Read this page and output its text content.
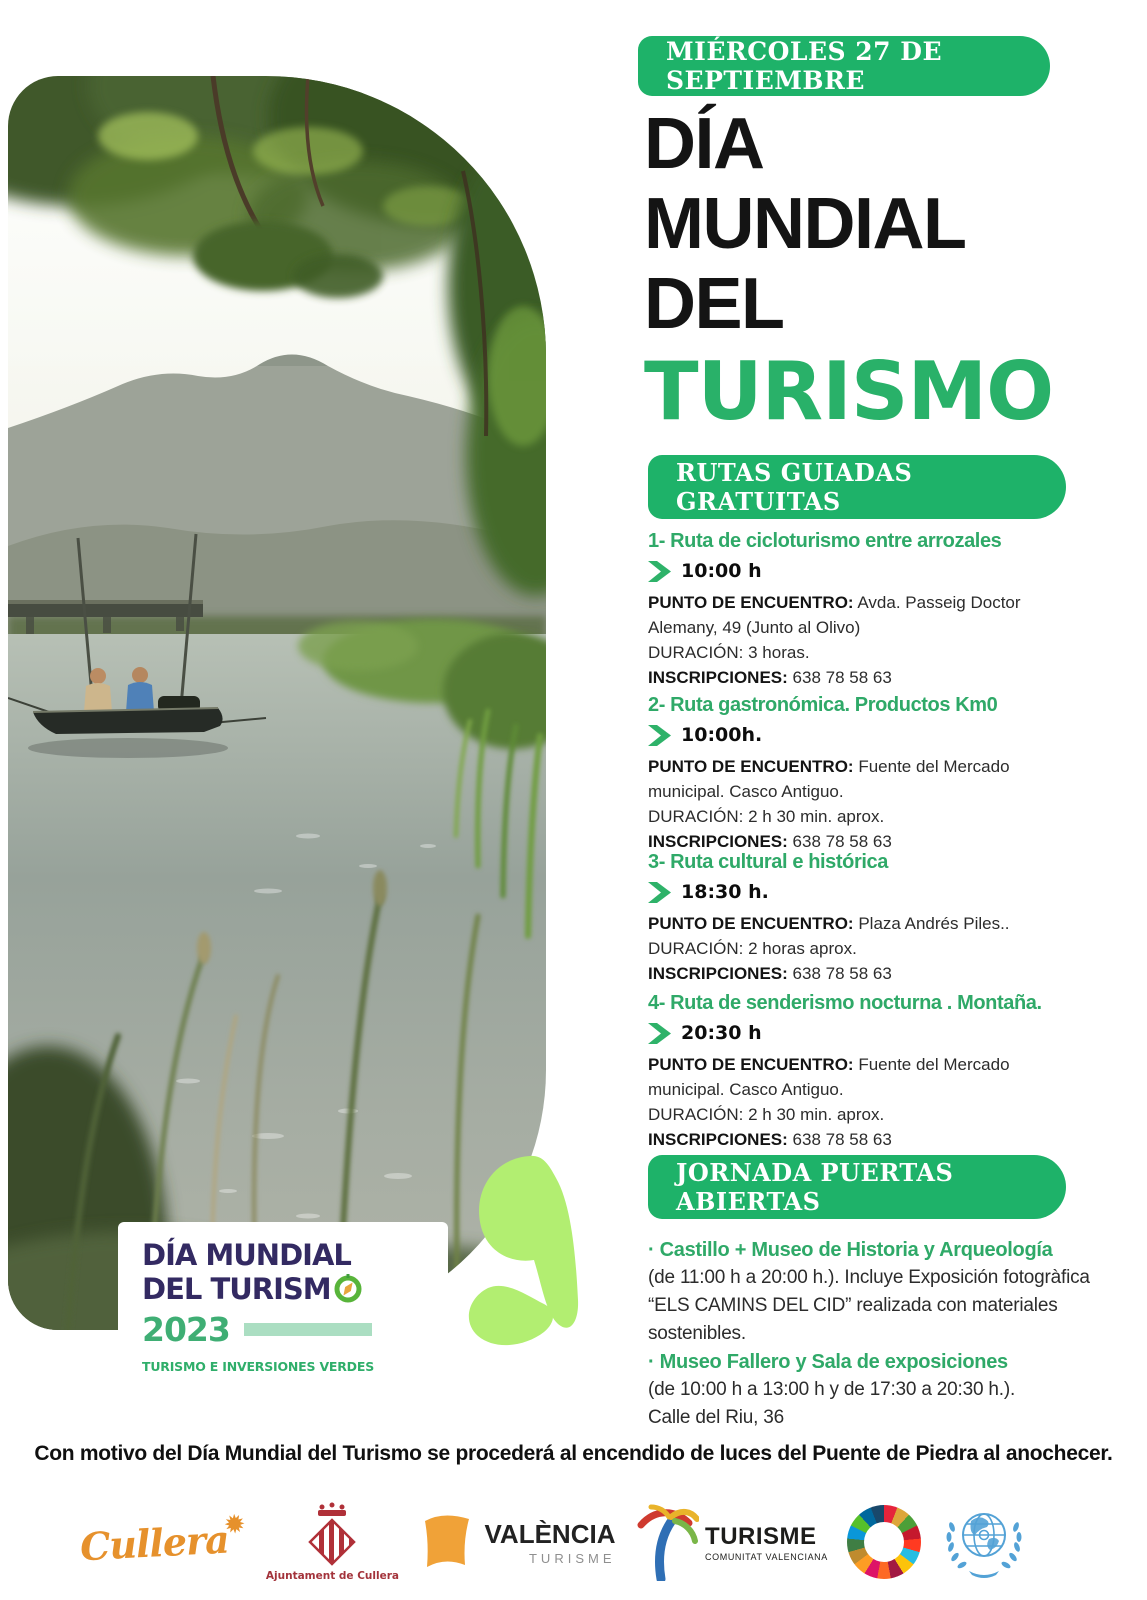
DÍA MUNDIAL
DEL TURISM
2023
TURISMO E INVERSIONES VERDES
MIÉRCOLES 27 DE SEPTIEMBRE
DÍA
MUNDIAL
DEL
TURISMO
RUTAS GUIADAS GRATUITAS
1- Ruta de cicloturismo entre arrozales
10:00 h

PUNTO DE ENCUENTRO: Avda. Passeig Doctor Alemany, 49 (Junto al Olivo)
DURACIÓN: 3 horas.
INSCRIPCIONES: 638 78 58 63

2- Ruta gastronómica. Productos Km0
10:00h.

PUNTO DE ENCUENTRO: Fuente del Mercado municipal. Casco Antiguo.
DURACIÓN: 2 h 30 min. aprox.
INSCRIPCIONES: 638 78 58 63

3- Ruta cultural e histórica
18:30 h.

PUNTO DE ENCUENTRO: Plaza Andrés Piles..
DURACIÓN: 2 horas aprox.
INSCRIPCIONES: 638 78 58 63

4- Ruta de senderismo nocturna . Montaña.
20:30 h

PUNTO DE ENCUENTRO: Fuente del Mercado municipal. Casco Antiguo.
DURACIÓN: 2 h 30 min. aprox.
INSCRIPCIONES: 638 78 58 63

JORNADA PUERTAS ABIERTAS
· Castillo + Museo de Historia y Arqueología
(de 11:00 h a 20:00 h.). Incluye Exposición fotogràfica “ELS CAMINS DEL CID” realizada con materiales sostenibles.
· Museo Fallero y Sala de exposiciones
(de 10:00 h a 13:00 h y de 17:30 a 20:30 h.).
Calle del Riu, 36
Con motivo del Día Mundial del Turismo se procederá al encendido de luces del Puente de Piedra al anochecer.
Cullera
✹
Ajuntament de Cullera
VALÈNCIA
TURISME
TURISME
COMUNITAT VALENCIANA
